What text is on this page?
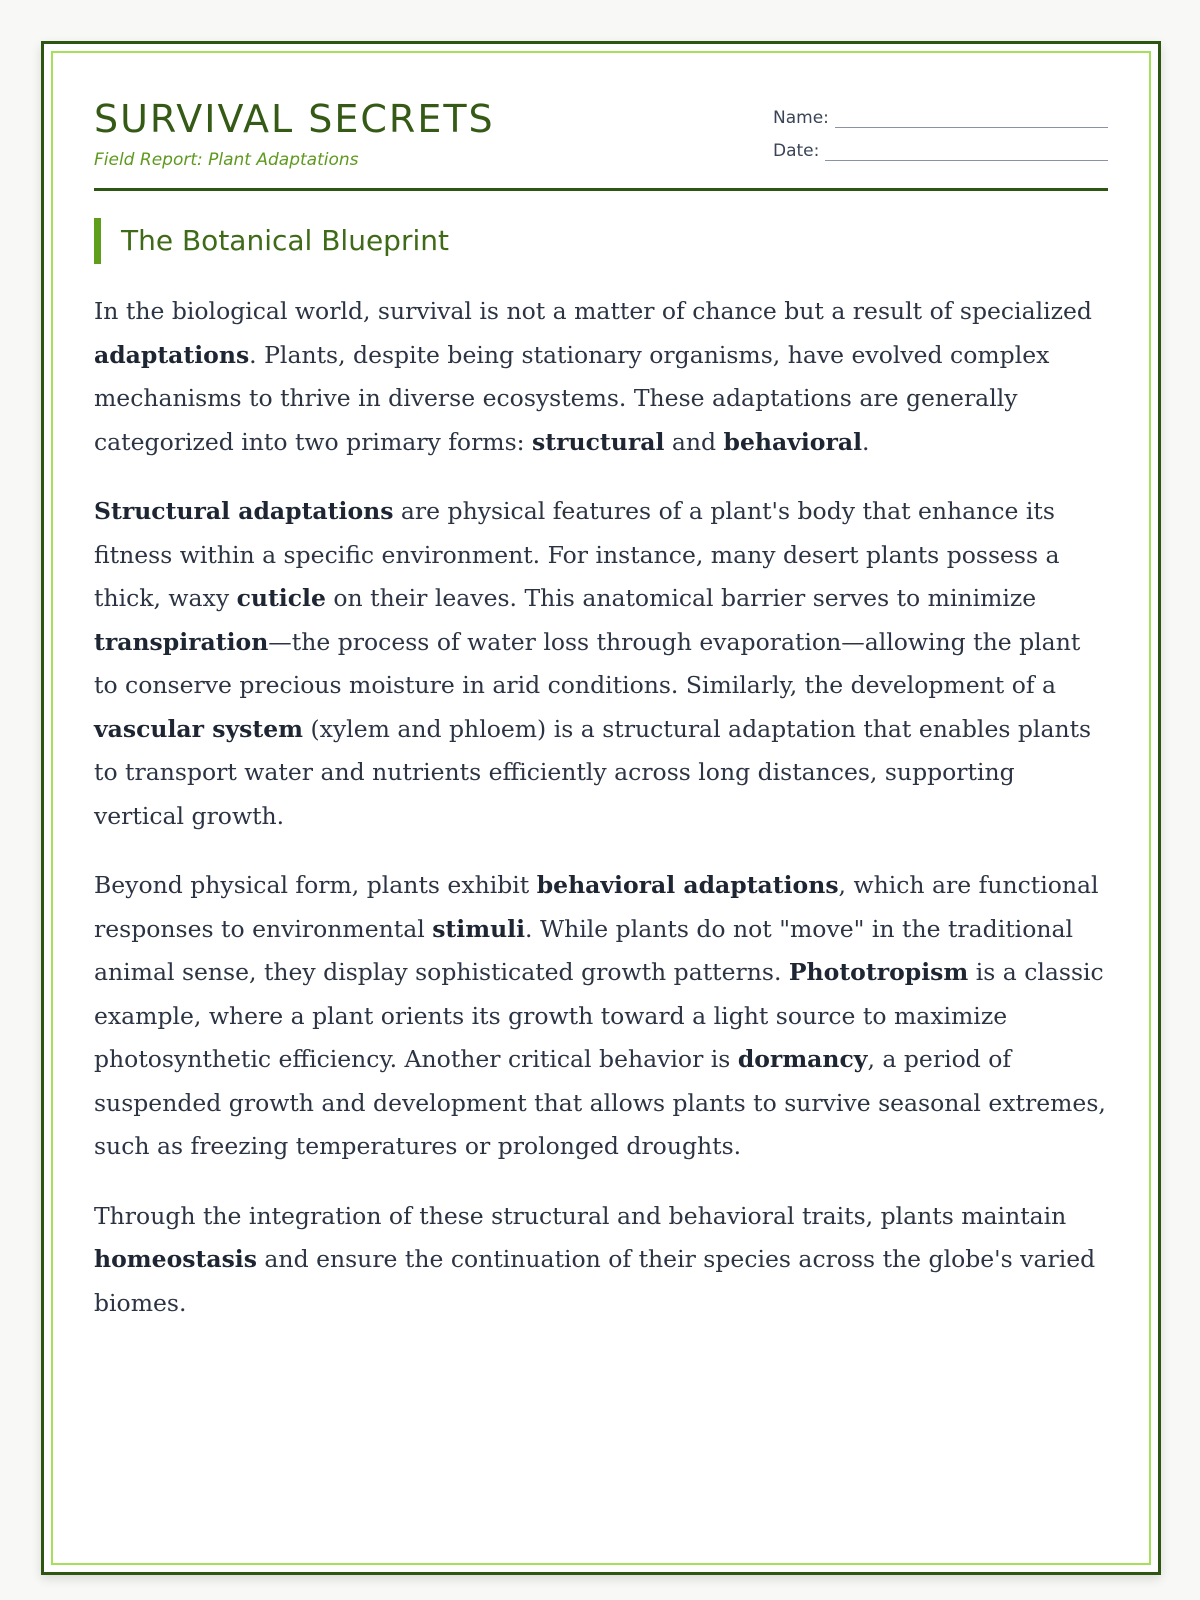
SURVIVAL SECRETS
Field Report: Plant Adaptations
Name:
Date:
The Botanical Blueprint

In the biological world, survival is not a matter of chance but a result of specialized adaptations. Plants, despite being stationary organisms, have evolved complex mechanisms to thrive in diverse ecosystems. These adaptations are generally categorized into two primary forms: structural and behavioral.

Structural adaptations are physical features of a plant's body that enhance its fitness within a specific environment. For instance, many desert plants possess a thick, waxy cuticle on their leaves. This anatomical barrier serves to minimize transpiration—the process of water loss through evaporation—allowing the plant to conserve precious moisture in arid conditions. Similarly, the development of a vascular system (xylem and phloem) is a structural adaptation that enables plants to transport water and nutrients efficiently across long distances, supporting vertical growth.

Beyond physical form, plants exhibit behavioral adaptations, which are functional responses to environmental stimuli. While plants do not "move" in the traditional animal sense, they display sophisticated growth patterns. Phototropism is a classic example, where a plant orients its growth toward a light source to maximize photosynthetic efficiency. Another critical behavior is dormancy, a period of suspended growth and development that allows plants to survive seasonal extremes, such as freezing temperatures or prolonged droughts.

Through the integration of these structural and behavioral traits, plants maintain homeostasis and ensure the continuation of their species across the globe's varied biomes.
